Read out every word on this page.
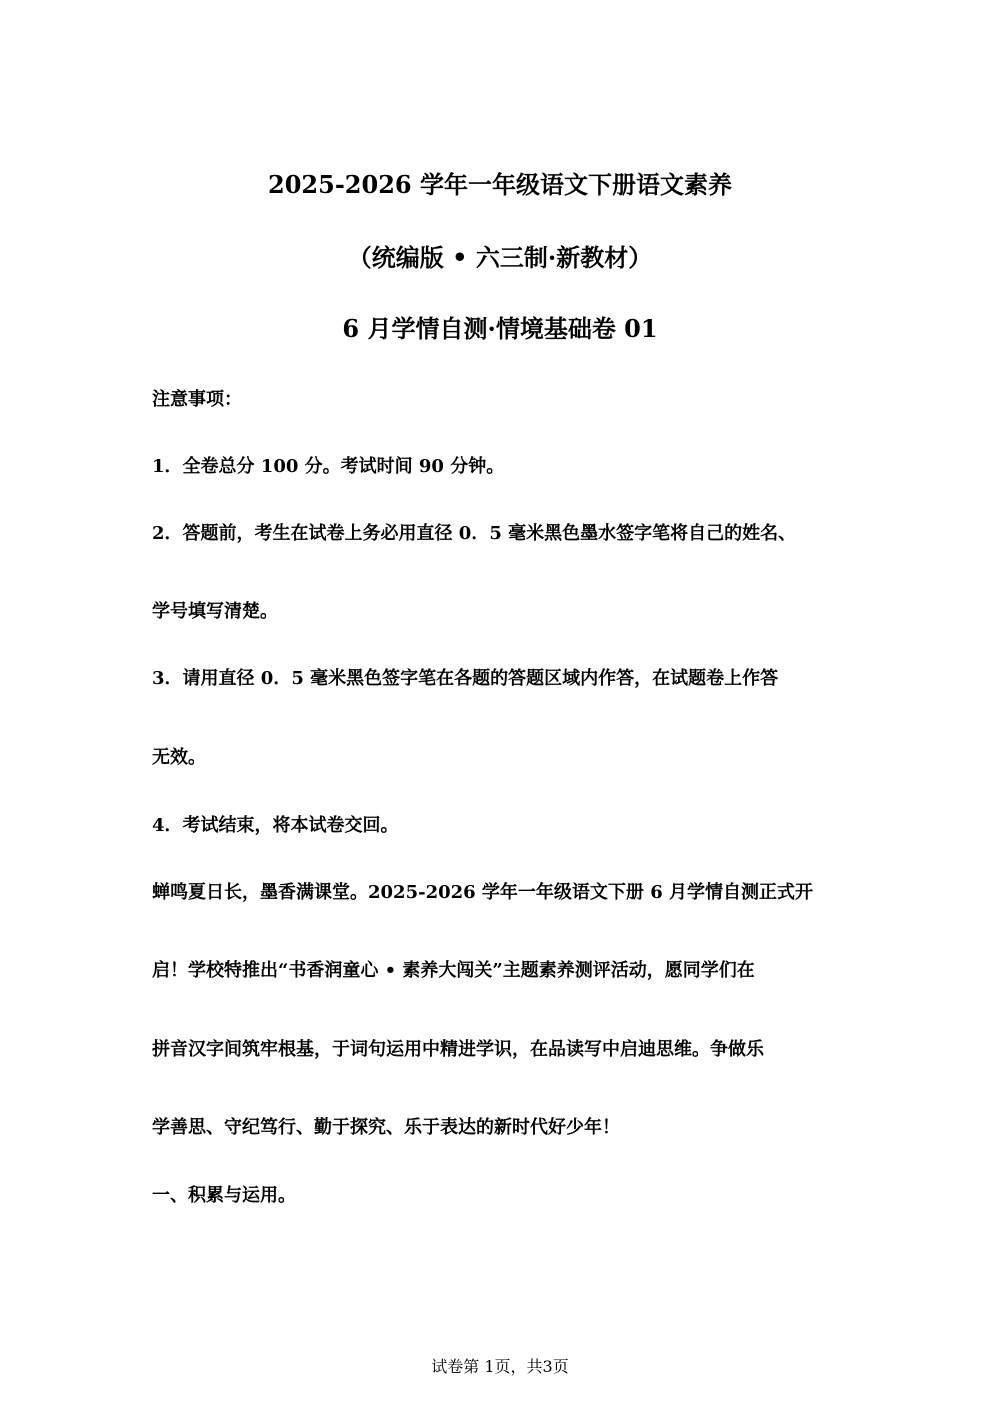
2025-2026 学年一年级语文下册语文素养
（统编版 • 六三制·新教材）
6 月学情自测·情境基础卷 01
注意事项：
1．全卷总分 100 分。考试时间 90 分钟。
2．答题前，考生在试卷上务必用直径 0．5 毫米黑色墨水签字笔将自己的姓名、
学号填写清楚。
3．请用直径 0．5 毫米黑色签字笔在各题的答题区域内作答，在试题卷上作答
无效。
4．考试结束，将本试卷交回。
蝉鸣夏日长，墨香满课堂。2025-2026 学年一年级语文下册 6 月学情自测正式开
启！学校特推出“书香润童心 • 素养大闯关”主题素养测评活动，愿同学们在
拼音汉字间筑牢根基，于词句运用中精进学识，在品读写中启迪思维。争做乐
学善思、守纪笃行、勤于探究、乐于表达的新时代好少年！
一、积累与运用。
试卷第 1页，共3页
